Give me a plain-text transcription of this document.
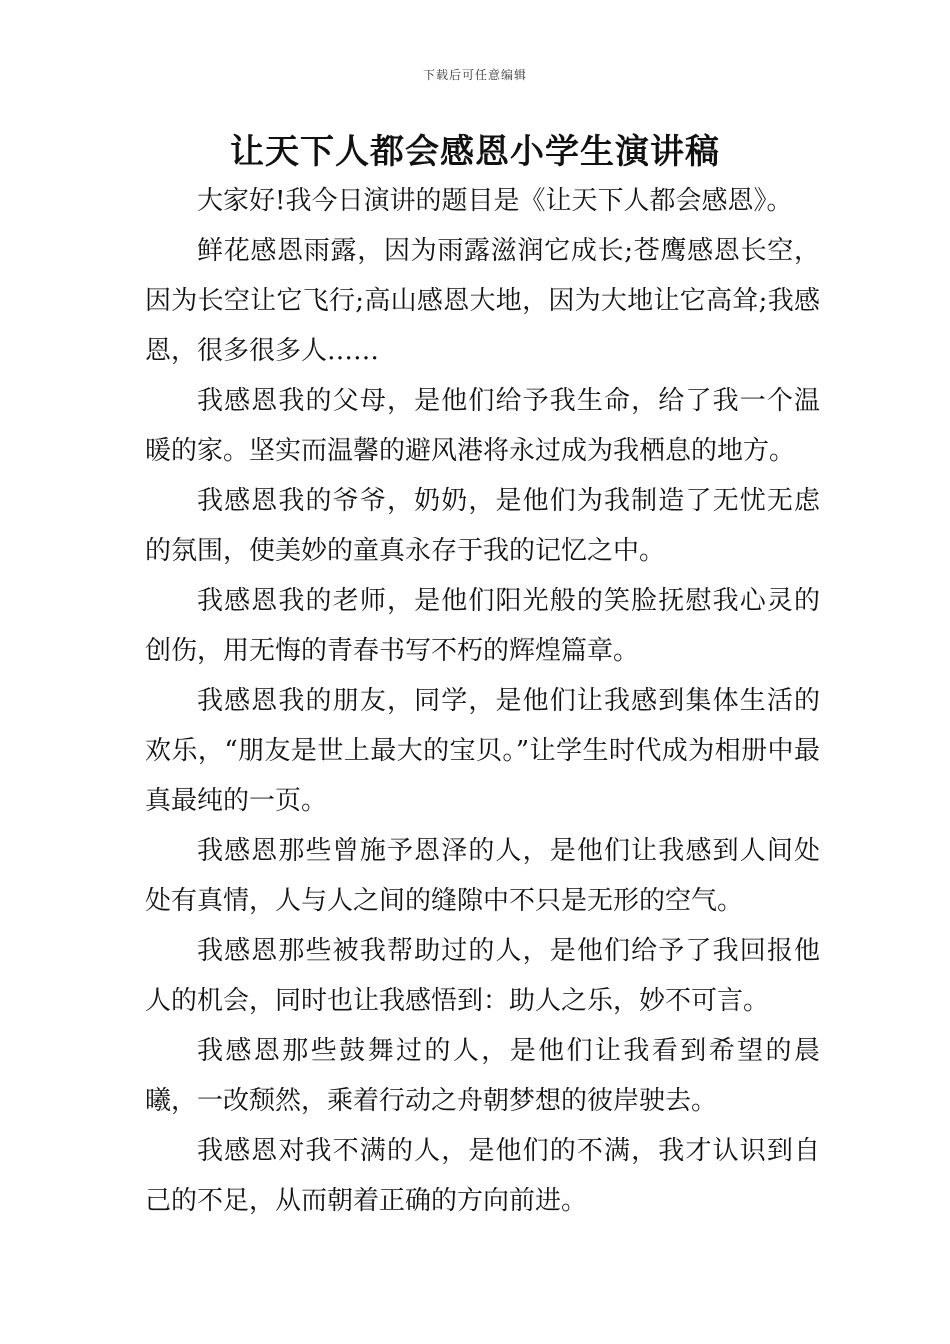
下载后可任意编辑
让天下人都会感恩小学生演讲稿

大家好!我今日演讲的题目是《让天下人都会感恩》。

鲜花感恩雨露，因为雨露滋润它成长;苍鹰感恩长空，因为长空让它飞行;高山感恩大地，因为大地让它高耸;我感恩，很多很多人……

我感恩我的父母，是他们给予我生命，给了我一个温暖的家。坚实而温馨的避风港将永过成为我栖息的地方。

我感恩我的爷爷，奶奶，是他们为我制造了无忧无虑的氛围，使美妙的童真永存于我的记忆之中。

我感恩我的老师，是他们阳光般的笑脸抚慰我心灵的创伤，用无悔的青春书写不朽的辉煌篇章。

我感恩我的朋友，同学，是他们让我感到集体生活的欢乐，“朋友是世上最大的宝贝。”让学生时代成为相册中最真最纯的一页。

我感恩那些曾施予恩泽的人，是他们让我感到人间处处有真情，人与人之间的缝隙中不只是无形的空气。

我感恩那些被我帮助过的人，是他们给予了我回报他人的机会，同时也让我感悟到：助人之乐，妙不可言。

我感恩那些鼓舞过的人，是他们让我看到希望的晨曦，一改颓然，乘着行动之舟朝梦想的彼岸驶去。

我感恩对我不满的人，是他们的不满，我才认识到自己的不足，从而朝着正确的方向前进。
